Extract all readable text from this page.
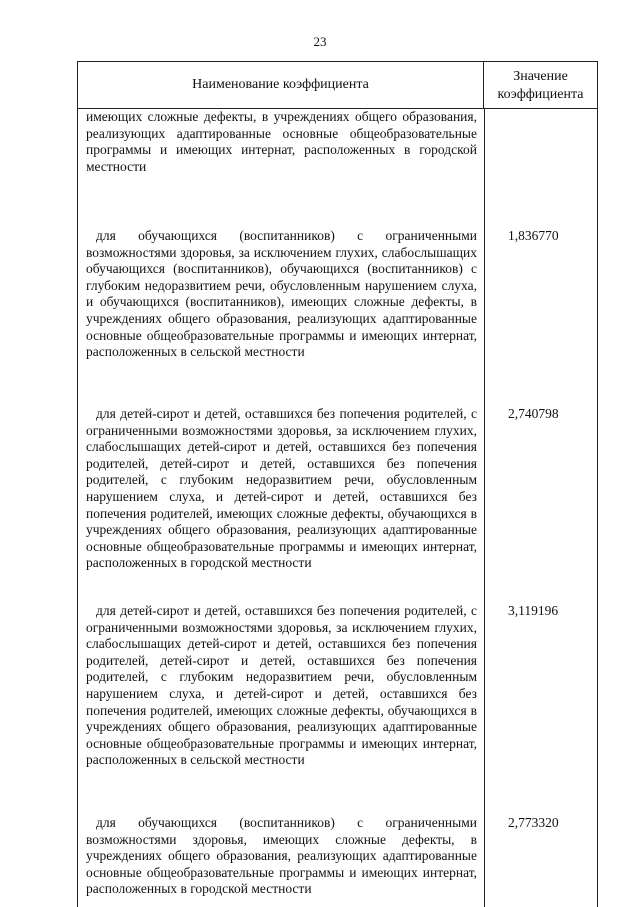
23
Наименование коэффициента
Значение коэффициента
имеющих сложные дефекты, в учреждениях общего образования, реализующих адаптированные основные общеобразовательные программы и имеющих интернат, расположенных в городской местности
для обучающихся (воспитанников) с ограниченными возможностями здоровья, за исключением глухих, слабослышащих обучающихся (воспитанников), обучающихся (воспитанников) с глубоким недоразвитием речи, обусловленным нарушением слуха, и обучающихся (воспитанников), имеющих сложные дефекты, в учреждениях общего образования, реализующих адаптированные основные общеобразовательные программы и имеющих интернат, расположенных в сельской местности
1,836770
для детей-сирот и детей, оставшихся без попечения родителей, с ограниченными возможностями здоровья, за исключением глухих, слабослышащих детей-сирот и детей, оставшихся без попечения родителей, детей-сирот и детей, оставшихся без попечения родителей, с глубоким недоразвитием речи, обусловленным нарушением слуха, и детей-сирот и детей, оставшихся без попечения родителей, имеющих сложные дефекты, обучающихся в учреждениях общего образования, реализующих адаптированные основные общеобразовательные программы и имеющих интернат, расположенных в городской местности
2,740798
для детей-сирот и детей, оставшихся без попечения родителей, с ограниченными возможностями здоровья, за исключением глухих, слабослышащих детей-сирот и детей, оставшихся без попечения родителей, детей-сирот и детей, оставшихся без попечения родителей, с глубоким недоразвитием речи, обусловленным нарушением слуха, и детей-сирот и детей, оставшихся без попечения родителей, имеющих сложные дефекты, обучающихся в учреждениях общего образования, реализующих адаптированные основные общеобразовательные программы и имеющих интернат, расположенных в сельской местности
3,119196
для обучающихся (воспитанников) с ограниченными возможностями здоровья, имеющих сложные дефекты, в учреждениях общего образования, реализующих адаптированные основные общеобразовательные программы и имеющих интернат, расположенных в городской местности
2,773320
